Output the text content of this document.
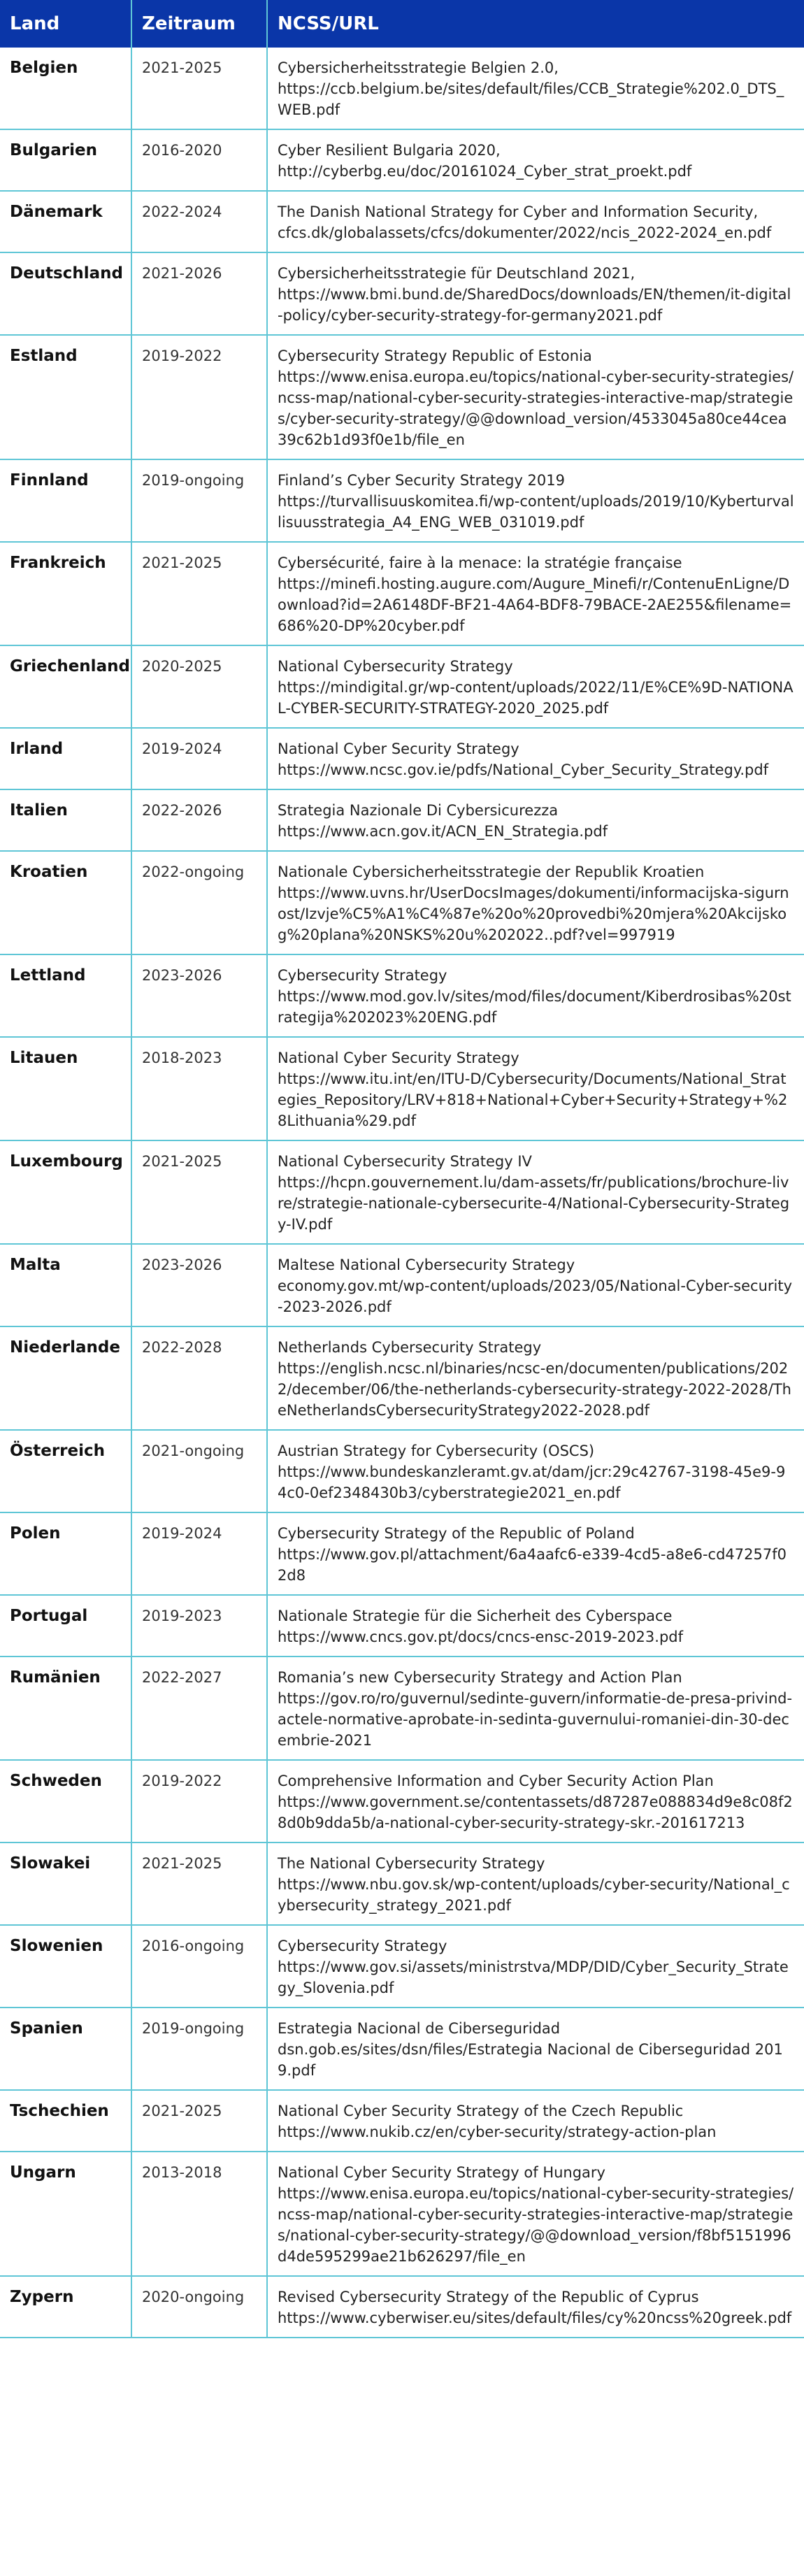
Land	Zeitraum	NCSS/URL
Belgien	2021-2025	Cybersicherheitsstrategie Belgien 2.0,
https://ccb.belgium.be/sites/default/files/CCB_Strategie%202.0_DTS_WEB.pdf

Bulgarien	2016-2020	Cyber Resilient Bulgaria 2020,
http://cyberbg.eu/doc/20161024_Cyber_strat_proekt.pdf

Dänemark	2022-2024	The Danish National Strategy for Cyber and Information Security,
cfcs.dk/globalassets/cfcs/dokumenter/2022/ncis_2022-2024_en.pdf

Deutschland	2021-2026	Cybersicherheitsstrategie für Deutschland 2021,
https://www.bmi.bund.de/SharedDocs/downloads/EN/themen/it-digital-policy/cyber-security-strategy-for-germany2021.pdf

Estland	2019-2022	Cybersecurity Strategy Republic of Estonia
https://www.enisa.europa.eu/topics/national-cyber-security-strategies/ncss-map/national-cyber-security-strategies-interactive-map/strategies/cyber-security-strategy/@@download_version/4533045a80ce44cea39c62b1d93f0e1b/file_en

Finnland	2019-ongoing	Finland’s Cyber Security Strategy 2019
https://turvallisuuskomitea.fi/wp-content/uploads/2019/10/Kyberturvallisuusstrategia_A4_ENG_WEB_031019.pdf

Frankreich	2021-2025	Cybersécurité, faire à la menace: la stratégie française
https://minefi.hosting.augure.com/Augure_Minefi/r/ContenuEnLigne/Download?id=2A6148DF-BF21-4A64-BDF8-79BACE-2AE255&filename=686%20-DP%20cyber.pdf

Griechenland	2020-2025	National Cybersecurity Strategy
https://mindigital.gr/wp-content/uploads/2022/11/Ε%CE%9D-NATIONAL-CYBER-SECURITY-STRATEGY-2020_2025.pdf

Irland	2019-2024	National Cyber Security Strategy
https://www.ncsc.gov.ie/pdfs/National_Cyber_Security_Strategy.pdf

Italien	2022-2026	Strategia Nazionale Di Cybersicurezza
https://www.acn.gov.it/ACN_EN_Strategia.pdf

Kroatien	2022-ongoing	Nationale Cybersicherheitsstrategie der Republik Kroatien
https://www.uvns.hr/UserDocsImages/dokumenti/informacijska-sigurnost/Izvje%C5%A1%C4%87e%20o%20provedbi%20mjera%20Akcijskog%20plana%20NSKS%20u%202022..pdf?vel=997919

Lettland	2023-2026	Cybersecurity Strategy
https://www.mod.gov.lv/sites/mod/files/document/Kiberdrosibas%20strategija%202023%20ENG.pdf

Litauen	2018-2023	National Cyber Security Strategy
https://www.itu.int/en/ITU-D/Cybersecurity/Documents/National_Strategies_Repository/LRV+818+National+Cyber+Security+Strategy+%28Lithuania%29.pdf

Luxembourg	2021-2025	National Cybersecurity Strategy IV
https://hcpn.gouvernement.lu/dam-assets/fr/publications/brochure-livre/strategie-nationale-cybersecurite-4/National-Cybersecurity-Strategy-IV.pdf

Malta	2023-2026	Maltese National Cybersecurity Strategy
economy.gov.mt/wp-content/uploads/2023/05/National-Cyber-security-2023-2026.pdf

Niederlande	2022-2028	Netherlands Cybersecurity Strategy
https://english.ncsc.nl/binaries/ncsc-en/documenten/publications/2022/december/06/the-netherlands-cybersecurity-strategy-2022-2028/TheNetherlandsCybersecurityStrategy2022-2028.pdf

Österreich	2021-ongoing	Austrian Strategy for Cybersecurity (OSCS)
https://www.bundeskanzleramt.gv.at/dam/jcr:29c42767-3198-45e9-94c0-0ef2348430b3/cyberstrategie2021_en.pdf

Polen	2019-2024	Cybersecurity Strategy of the Republic of Poland
https://www.gov.pl/attachment/6a4aafc6-e339-4cd5-a8e6-cd47257f02d8

Portugal	2019-2023	Nationale Strategie für die Sicherheit des Cyberspace
https://www.cncs.gov.pt/docs/cncs-ensc-2019-2023.pdf

Rumänien	2022-2027	Romania’s new Cybersecurity Strategy and Action Plan
https://gov.ro/ro/guvernul/sedinte-guvern/informatie-de-presa-privind-actele-normative-aprobate-in-sedinta-guvernului-romaniei-din-30-decembrie-2021

Schweden	2019-2022	Comprehensive Information and Cyber Security Action Plan
https://www.government.se/contentassets/d87287e088834d9e8c08f28d0b9dda5b/a-national-cyber-security-strategy-skr.-201617213

Slowakei	2021-2025	The National Cybersecurity Strategy
https://www.nbu.gov.sk/wp-content/uploads/cyber-security/National_cybersecurity_strategy_2021.pdf

Slowenien	2016-ongoing	Cybersecurity Strategy
https://www.gov.si/assets/ministrstva/MDP/DID/Cyber_Security_Strategy_Slovenia.pdf

Spanien	2019-ongoing	Estrategia Nacional de Ciberseguridad
dsn.gob.es/sites/dsn/files/Estrategia Nacional de Ciberseguridad 2019.pdf

Tschechien	2021-2025	National Cyber Security Strategy of the Czech Republic
https://www.nukib.cz/en/cyber-security/strategy-action-plan

Ungarn	2013-2018	National Cyber Security Strategy of Hungary
https://www.enisa.europa.eu/topics/national-cyber-security-strategies/ncss-map/national-cyber-security-strategies-interactive-map/strategies/national-cyber-security-strategy/@@download_version/f8bf5151996d4de595299ae21b626297/file_en

Zypern	2020-ongoing	Revised Cybersecurity Strategy of the Republic of Cyprus
https://www.cyberwiser.eu/sites/default/files/cy%20ncss%20greek.pdf
